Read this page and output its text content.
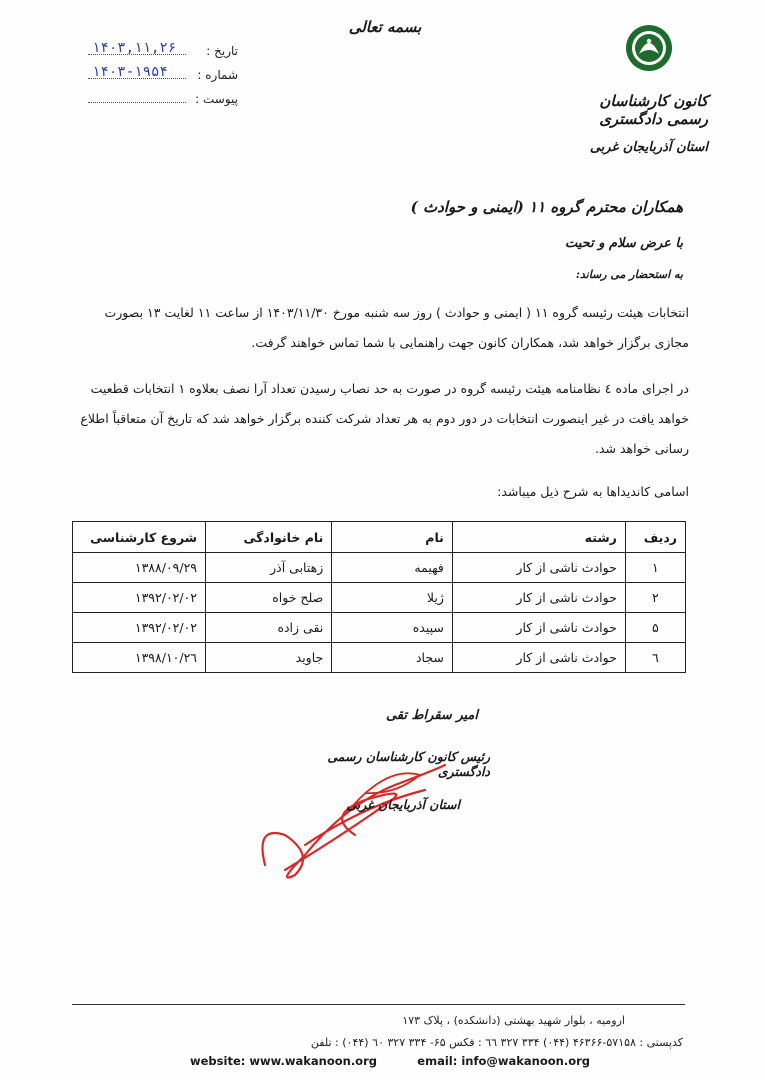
بسمه تعالی
تاریخ :
۱۴۰۳,۱۱,۲۶
شماره :
۱۴۰۳-۱۹۵۴
پیوست :	کانون کارشناسان رسمی دادگستری
استان آذربایجان غربی
همکاران محترم گروه ۱۱ (ایمنی و حوادث )
با عرض سلام و تحیت
به استحضار می رساند:
انتخابات هیئت رئیسه گروه ۱۱ ( ایمنی و حوادث ) روز سه شنبه مورخ ۱۴۰۳/۱۱/۳۰ از ساعت ۱۱ لغایت ۱۳ بصورت مجازی برگزار خواهد شد، همکاران کانون جهت راهنمایی با شما تماس خواهند گرفت.
در اجرای ماده ٤ نظامنامه هیئت رئیسه گروه در صورت به حد نصاب رسیدن تعداد آرا نصف بعلاوه ۱ انتخابات قطعیت خواهد یافت در غیر اینصورت انتخابات در دور دوم به هر تعداد شرکت کننده برگزار خواهد شد که تاریخ آن متعاقباً اطلاع رسانی خواهد شد.
اسامی کاندیداها به شرح ذیل میباشد:
ردیف	رشته	نام	نام خانوادگی	شروع کارشناسی
۱	حوادث ناشی از کار	فهیمه	زهتابی آذر	۱۳۸۸/۰۹/۲۹
۲	حوادث ناشی از کار	ژیلا	صلح خواه	۱۳۹۲/۰۲/۰۲
۵	حوادث ناشی از کار	سپیده	نقی زاده	۱۳۹۲/۰۲/۰۲
٦	حوادث ناشی از کار	سجاد	جاوید	۱۳۹۸/۱۰/۲٦
امیر سقراط تقی
رئیس کانون کارشناسان رسمی دادگستری
استان آذربایجان غربی
ارومیه ، بلوار شهید بهشتی (دانشکده) ، پلاک ۱۷۳
کدپستی : ۵۷۱۵۸-۴۶۳۶۶ (۰۴۴) ۳۳۴ ۳۲۷ ٦٦ : فکس ۶۵- ۳۳۴ ۳۲۷ ٦۰ (۰۴۴) : تلفن
website: www.wakanoon.org	email: info@wakanoon.org
